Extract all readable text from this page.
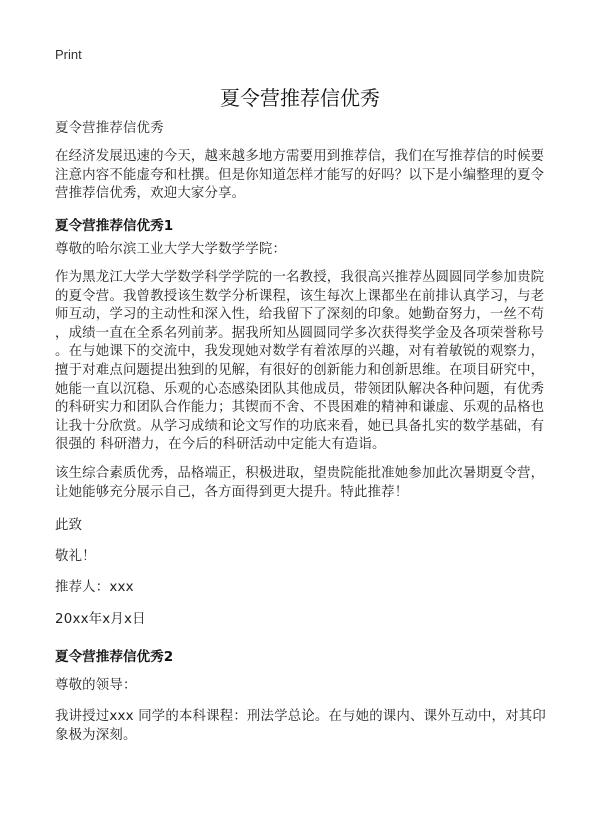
Print
夏令营推荐信优秀
夏令营推荐信优秀
在经济发展迅速的今天，越来越多地方需要用到推荐信，我们在写推荐信的时候要
注意内容不能虚夸和杜撰。但是你知道怎样才能写的好吗？以下是小编整理的夏令
营推荐信优秀，欢迎大家分享。
夏令营推荐信优秀1
尊敬的哈尔滨工业大学大学数学学院：
作为黑龙江大学大学数学科学学院的一名教授，我很高兴推荐丛圆圆同学参加贵院
的夏令营。我曾教授该生数学分析课程，该生每次上课都坐在前排认真学习，与老
师互动，学习的主动性和深入性，给我留下了深刻的印象。她勤奋努力，一丝不苟
，成绩一直在全系名列前茅。据我所知丛圆圆同学多次获得奖学金及各项荣誉称号
。在与她课下的交流中，我发现她对数学有着浓厚的兴趣，对有着敏锐的观察力，
擅于对难点问题提出独到的见解，有很好的创新能力和创新思维。在项目研究中，
她能一直以沉稳、乐观的心态感染团队其他成员，带领团队解决各种问题，有优秀
的科研实力和团队合作能力；其锲而不舍、不畏困难的精神和谦虚、乐观的品格也
让我十分欣赏。从学习成绩和论文写作的功底来看，她已具备扎实的数学基础，有
很强的 科研潜力，在今后的科研活动中定能大有造诣。
该生综合素质优秀，品格端正，积极进取，望贵院能批准她参加此次暑期夏令营，
让她能够充分展示自己，各方面得到更大提升。特此推荐！
此致
敬礼！
推荐人：xxx
20xx年x月x日
夏令营推荐信优秀2
尊敬的领导：
我讲授过xxx 同学的本科课程：刑法学总论。在与她的课内、课外互动中，对其印
象极为深刻。
